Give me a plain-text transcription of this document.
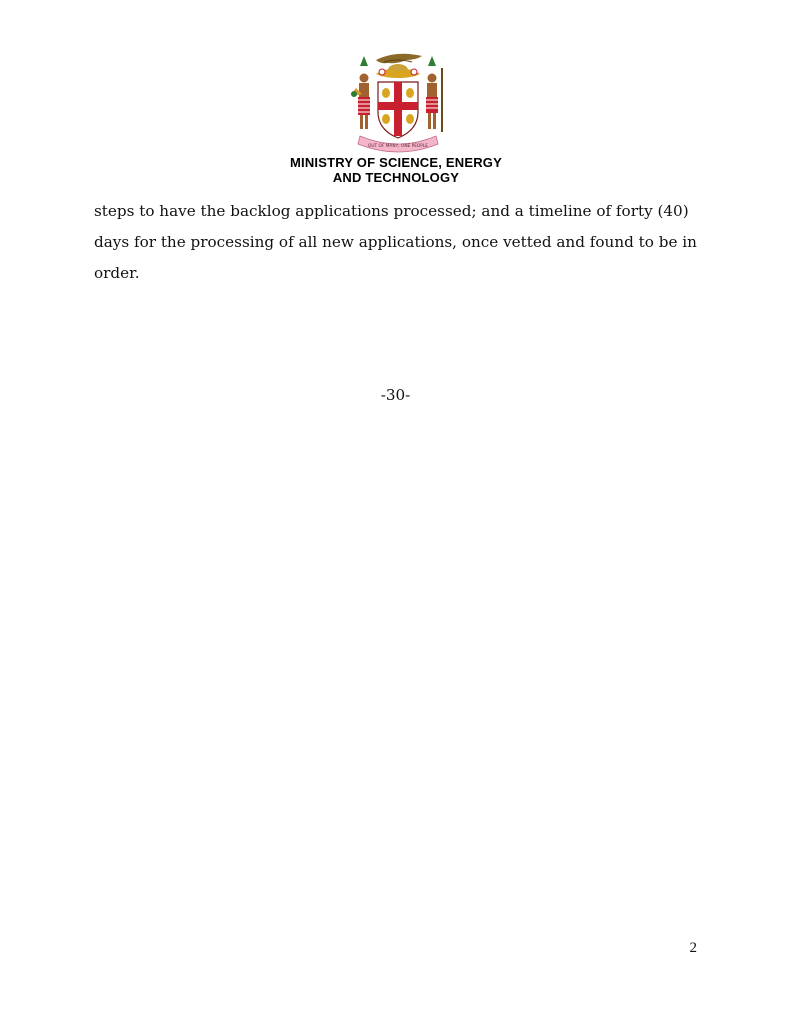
OUT OF MANY, ONE PEOPLE
MINISTRY OF SCIENCE, ENERGY
AND TECHNOLOGY

steps to have the backlog applications processed; and a timeline of forty (40)
days for the processing of all new applications, once vetted and found to be in
order.

-30-
2
